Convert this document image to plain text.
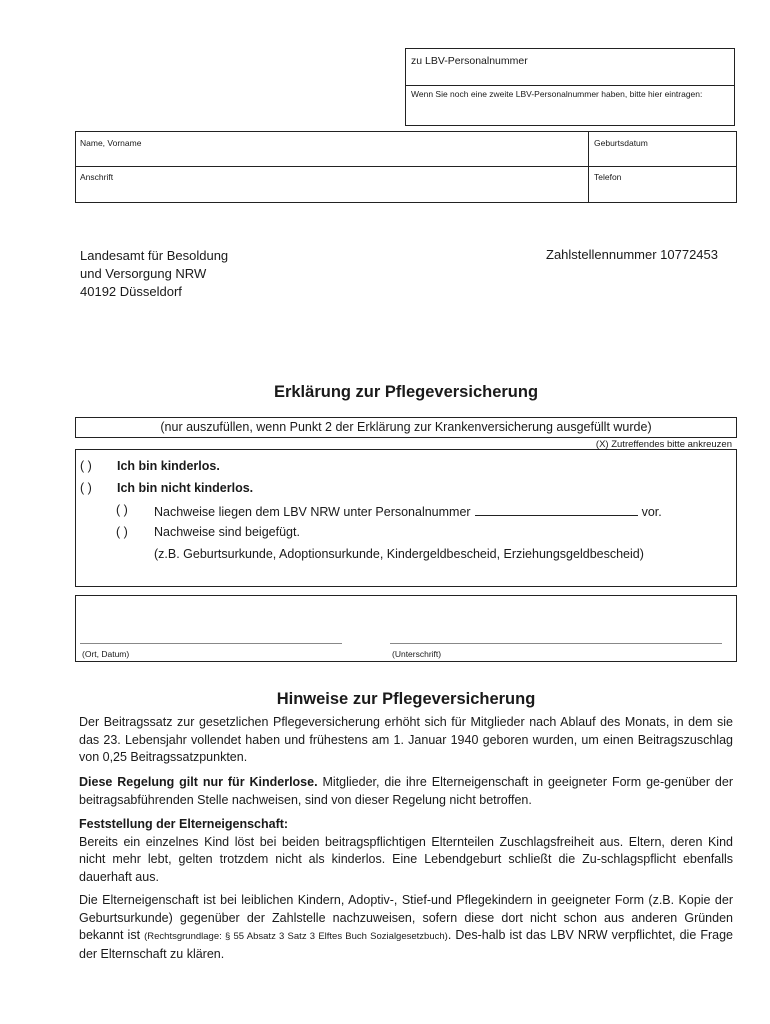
zu LBV-Personalnummer
Wenn Sie noch eine zweite LBV-Personalnummer haben, bitte hier eintragen:
Name, Vorname	Geburtsdatum
Anschrift	Telefon
Landesamt für Besoldung
und Versorgung NRW
40192 Düsseldorf
Zahlstellennummer 10772453
Erklärung zur Pflegeversicherung
(nur auszufüllen, wenn Punkt 2 der Erklärung zur Krankenversicherung ausgefüllt wurde)
(X) Zutreffendes bitte ankreuzen
( ) Ich bin kinderlos.
( ) Ich bin nicht kinderlos.
( ) Nachweise liegen dem LBV NRW unter Personalnummer	vor.
( ) Nachweise sind beigefügt.
(z.B. Geburtsurkunde, Adoptionsurkunde, Kindergeldbescheid, Erziehungsgeldbescheid)
(Ort, Datum)	(Unterschrift)
Hinweise zur Pflegeversicherung
Der Beitragssatz zur gesetzlichen Pflegeversicherung erhöht sich für Mitglieder nach Ablauf des Monats, in dem sie das 23. Lebensjahr vollendet haben und frühestens am 1. Januar 1940 geboren wurden, um einen Beitragszuschlag von 0,25 Beitragssatzpunkten.
Diese Regelung gilt nur für Kinderlose. Mitglieder, die ihre Elterneigenschaft in geeigneter Form ge-genüber der beitragsabführenden Stelle nachweisen, sind von dieser Regelung nicht betroffen.
Feststellung der Elterneigenschaft:
Bereits ein einzelnes Kind löst bei beiden beitragspflichtigen Elternteilen Zuschlagsfreiheit aus. Eltern, deren Kind nicht mehr lebt, gelten trotzdem nicht als kinderlos. Eine Lebendgeburt schließt die Zu-schlagspflicht ebenfalls dauerhaft aus.
Die Elterneigenschaft ist bei leiblichen Kindern, Adoptiv-, Stief-und Pflegekindern in geeigneter Form (z.B. Kopie der Geburtsurkunde) gegenüber der Zahlstelle nachzuweisen, sofern diese dort nicht schon aus anderen Gründen bekannt ist (Rechtsgrundlage: § 55 Absatz 3 Satz 3 Elftes Buch Sozialgesetzbuch). Des-halb ist das LBV NRW verpflichtet, die Frage der Elternschaft zu klären.
